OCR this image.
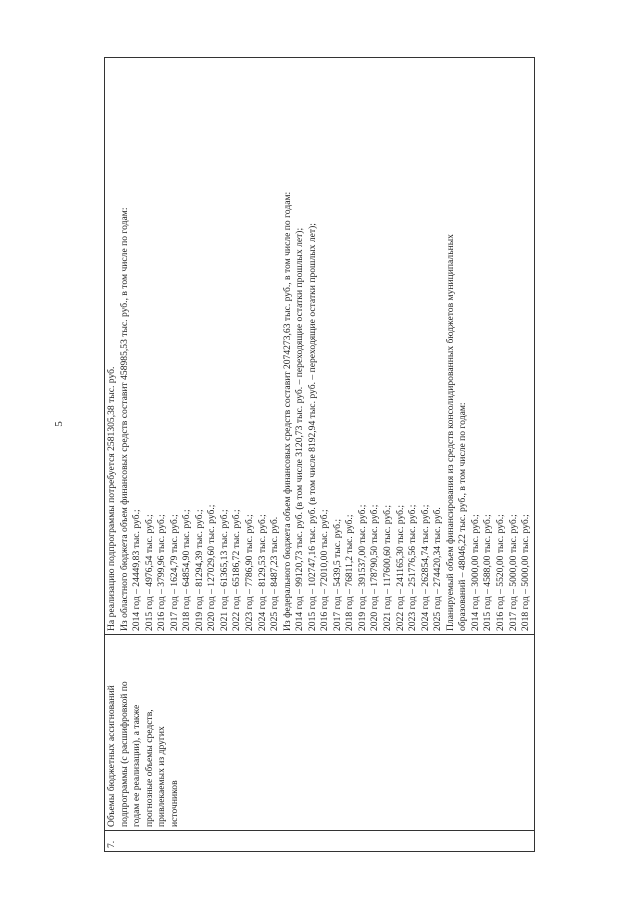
5
7.	
Объемы бюджетных ассигнований подпрограммы (с расшифровкой по годам ее реализации), а также прогнозные объемы средств, привлекаемых из других источников

На реализацию подпрограммы потребуется 2581305,38 тыс. руб. Из областного бюджета объем финансовых средств составит 458985,53 тыс. руб., в том числе по годам: 2014 год – 24449,83 тыс. руб.; 2015 год – 4976,54 тыс. руб.; 2016 год – 3799,96 тыс. руб.; 2017 год – 1624,79 тыс. руб.; 2018 год – 64854,90 тыс. руб.; 2019 год – 81294,39 тыс. руб.; 2020 год – 127029,60 тыс. руб.; 2021 год – 61365,13 тыс. руб.; 2022 год – 65186,72 тыс. руб.; 2023 год – 7786,90 тыс. руб.; 2024 год – 8129,53 тыс. руб.; 2025 год – 8487,23 тыс. руб. Из федерального бюджета объем финансовых средств составит 2074273,63 тыс. руб., в том числе по годам: 2014 год – 99120,73 тыс. руб. (в том числе 3120,73 тыс. руб. – переходящие остатки прошлых лет); 2015 год – 102747,16 тыс. руб. (в том числе 8192,94 тыс. руб. – переходящие остатки прошлых лет); 2016 год – 72010,00 тыс. руб.; 2017 год – 5439,5 тыс. руб.; 2018 год – 76811,2 тыс. руб.; 2019 год – 391537,00 тыс. руб.; 2020 год – 178790,50 тыс. руб.; 2021 год – 117600,60 тыс. руб.; 2022 год – 241165,30 тыс. руб.; 2023 год – 251776,56 тыс. руб.; 2024 год – 262854,74 тыс. руб.; 2025 год – 274420,34 тыс. руб. Планируемый объем финансирования из средств консолидированных бюджетов муниципальных образований – 48046,22 тыс. руб., в том числе по годам: 2014 год – 3000,00 тыс. руб.; 2015 год – 4588,00 тыс. руб.; 2016 год – 5520,00 тыс. руб.; 2017 год – 5000,00 тыс. руб.; 2018 год – 5000,00 тыс. руб.;
